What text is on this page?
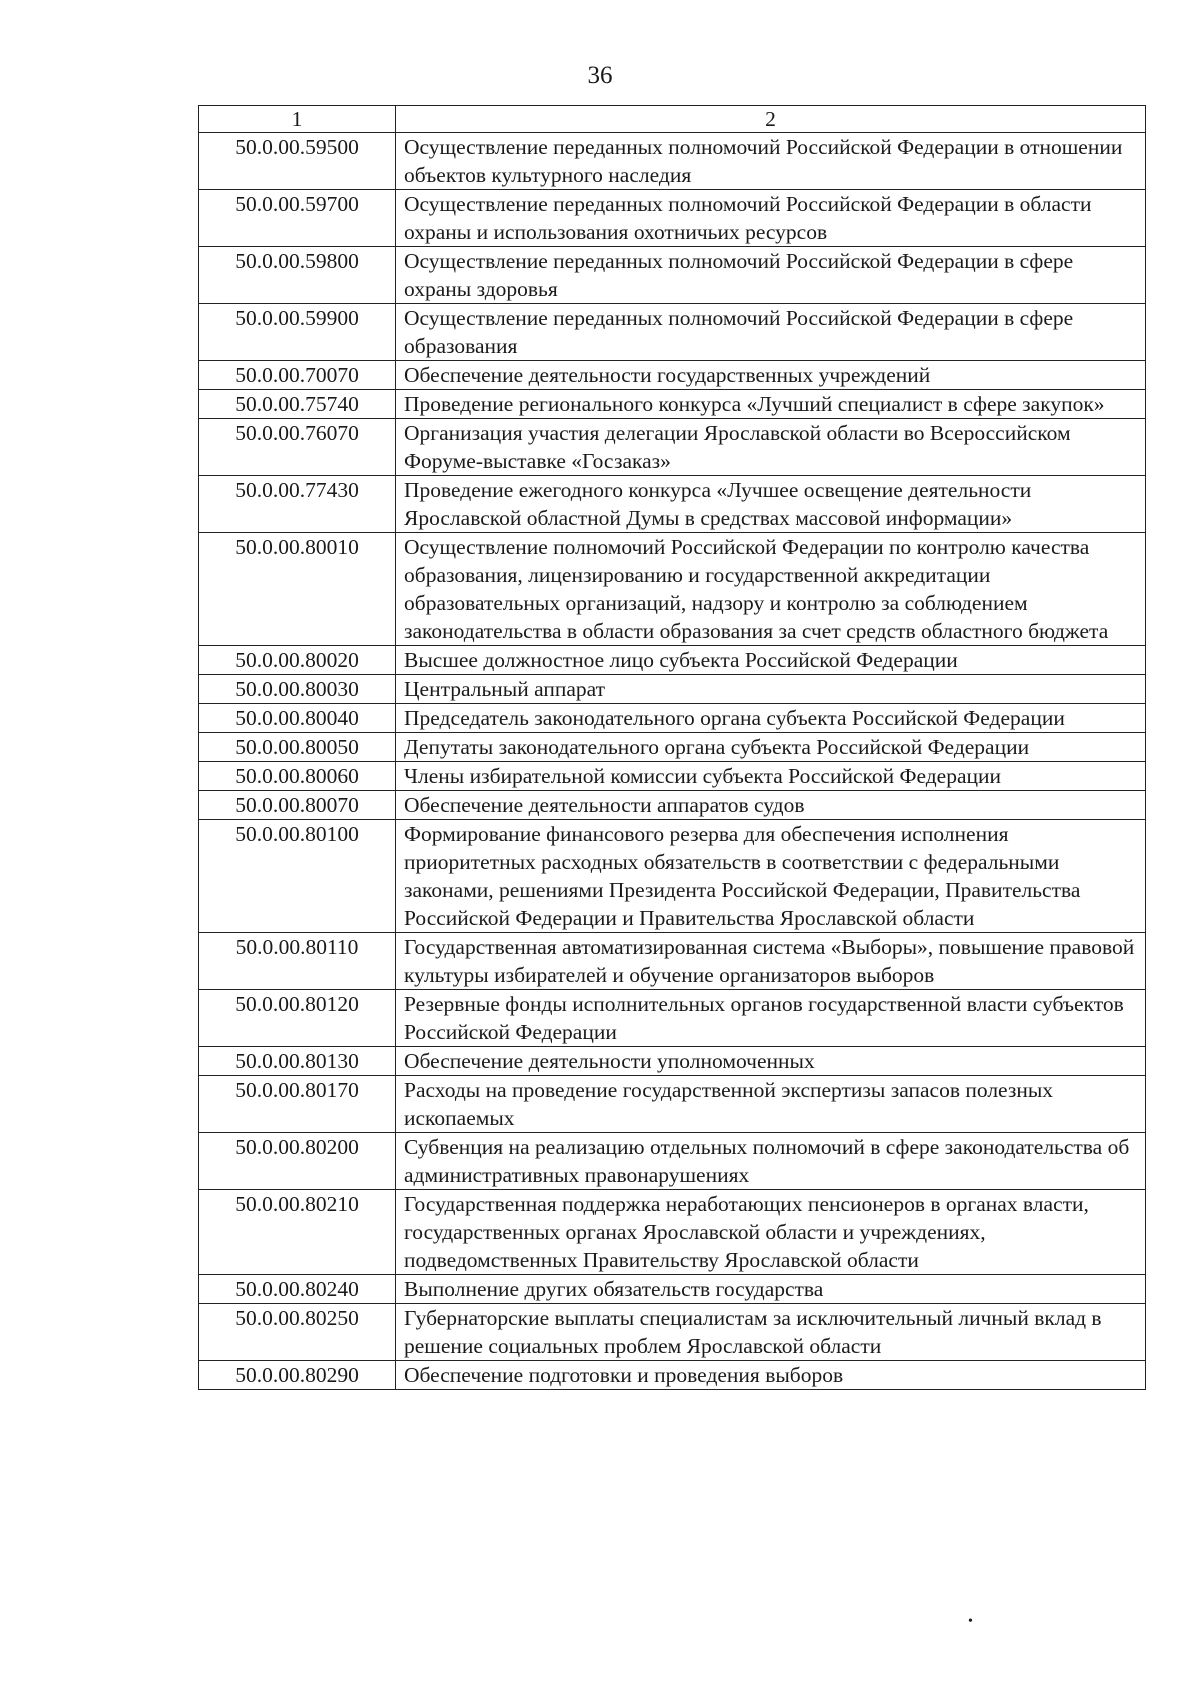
36
1	2
50.0.00.59500	Осуществление переданных полномочий Российской Федерации в отношении объектов культурного наследия
50.0.00.59700	Осуществление переданных полномочий Российской Федерации в области охраны и использования охотничьих ресурсов
50.0.00.59800	Осуществление переданных полномочий Российской Федерации в сфере охраны здоровья
50.0.00.59900	Осуществление переданных полномочий Российской Федерации в сфере образования
50.0.00.70070	Обеспечение деятельности государственных учреждений
50.0.00.75740	Проведение регионального конкурса «Лучший специалист в сфере закупок»
50.0.00.76070	Организация участия делегации Ярославской области во Всероссийском Форуме-выставке «Госзаказ»
50.0.00.77430	Проведение ежегодного конкурса «Лучшее освещение деятельности Ярославской областной Думы в средствах массовой информации»
50.0.00.80010	Осуществление полномочий Российской Федерации по контролю качества образования, лицензированию и государственной аккредитации образовательных организаций, надзору и контролю за соблюдением законодательства в области образования за счет средств областного бюджета
50.0.00.80020	Высшее должностное лицо субъекта Российской Федерации
50.0.00.80030	Центральный аппарат
50.0.00.80040	Председатель законодательного органа субъекта Российской Федерации
50.0.00.80050	Депутаты законодательного органа субъекта Российской Федерации
50.0.00.80060	Члены избирательной комиссии субъекта Российской Федерации
50.0.00.80070	Обеспечение деятельности аппаратов судов
50.0.00.80100	Формирование финансового резерва для обеспечения исполнения приоритетных расходных обязательств в соответствии с федеральными законами, решениями Президента Российской Федерации, Правительства Российской Федерации и Правительства Ярославской области
50.0.00.80110	Государственная автоматизированная система «Выборы», повышение правовой культуры избирателей и обучение организаторов выборов
50.0.00.80120	Резервные фонды исполнительных органов государственной власти субъектов Российской Федерации
50.0.00.80130	Обеспечение деятельности уполномоченных
50.0.00.80170	Расходы на проведение государственной экспертизы запасов полезных ископаемых
50.0.00.80200	Субвенция на реализацию отдельных полномочий в сфере законодательства об административных правонарушениях
50.0.00.80210	Государственная поддержка неработающих пенсионеров в органах власти, государственных органах Ярославской области и учреждениях, подведомственных Правительству Ярославской области
50.0.00.80240	Выполнение других обязательств государства
50.0.00.80250	Губернаторские выплаты специалистам за исключительный личный вклад в решение социальных проблем Ярославской области
50.0.00.80290	Обеспечение подготовки и проведения выборов
•
